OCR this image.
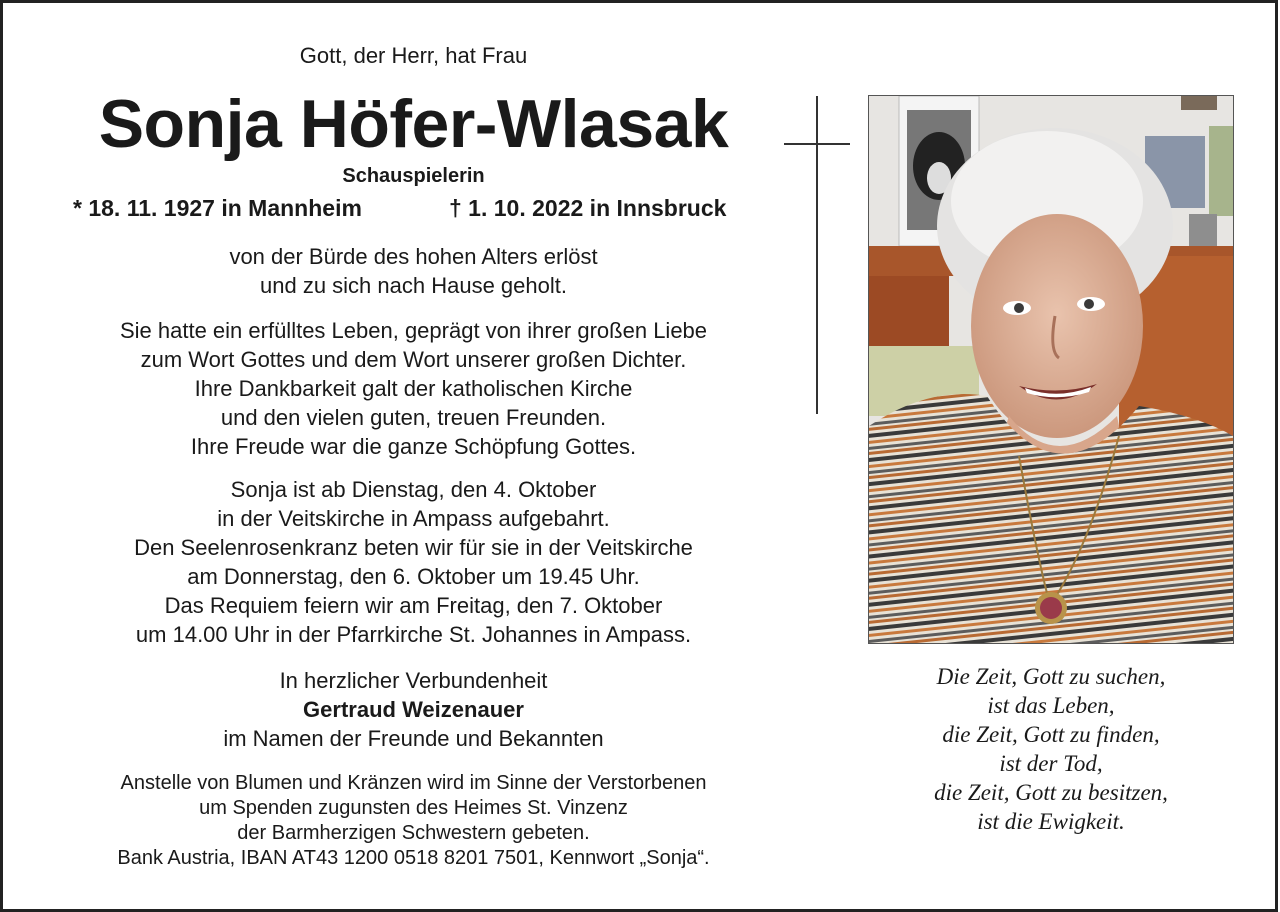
Gott, der Herr, hat Frau
Sonja Höfer-Wlasak
Schauspielerin
* 18. 11. 1927 in Mannheim	† 1. 10. 2022 in Innsbruck
von der Bürde des hohen Alters erlöst
und zu sich nach Hause geholt.
Sie hatte ein erfülltes Leben, geprägt von ihrer großen Liebe
zum Wort Gottes und dem Wort unserer großen Dichter.
Ihre Dankbarkeit galt der katholischen Kirche
und den vielen guten, treuen Freunden.
Ihre Freude war die ganze Schöpfung Gottes.
Sonja ist ab Dienstag, den 4. Oktober
in der Veitskirche in Ampass aufgebahrt.
Den Seelenrosenkranz beten wir für sie in der Veitskirche
am Donnerstag, den 6. Oktober um 19.45 Uhr.
Das Requiem feiern wir am Freitag, den 7. Oktober
um 14.00 Uhr in der Pfarrkirche St. Johannes in Ampass.
In herzlicher Verbundenheit
Gertraud Weizenauer
im Namen der Freunde und Bekannten
Anstelle von Blumen und Kränzen wird im Sinne der Verstorbenen
um Spenden zugunsten des Heimes St. Vinzenz
der Barmherzigen Schwestern gebeten.
Bank Austria, IBAN AT43 1200 0518 8201 7501, Kennwort „Sonja“.
Die Zeit, Gott zu suchen,
ist das Leben,
die Zeit, Gott zu finden,
ist der Tod,
die Zeit, Gott zu besitzen,
ist die Ewigkeit.
